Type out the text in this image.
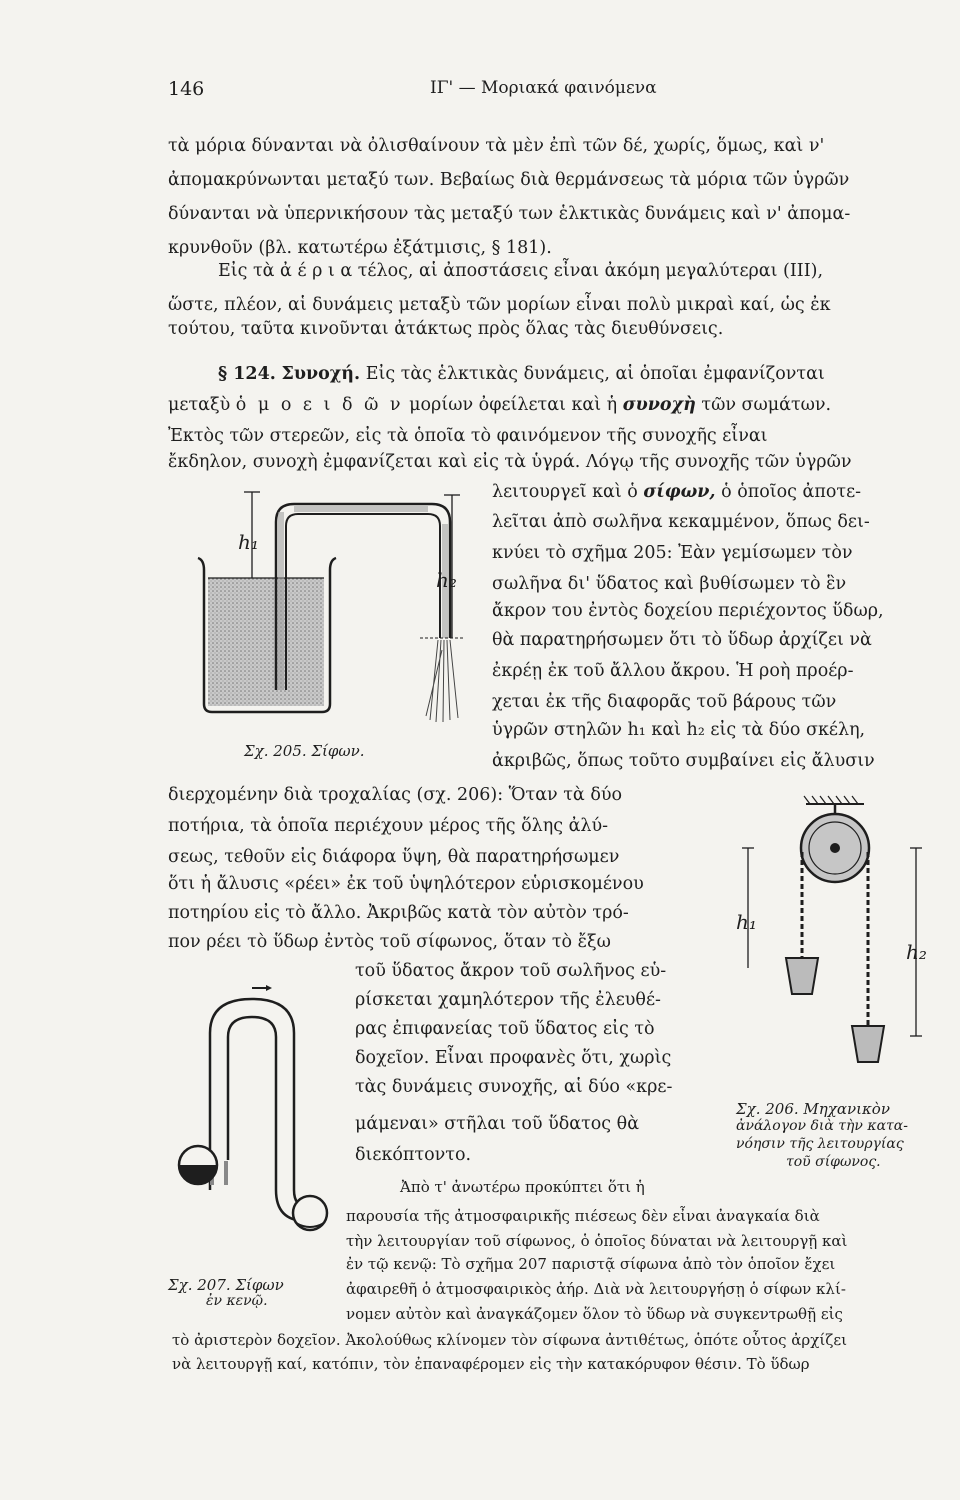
146	ΙΓ' — Μοριακά φαινόμενα
τὰ μόρια δύνανται νὰ ὀλισθαίνουν τὰ μὲν ἐπὶ τῶν δέ, χωρίς, ὅμως, καὶ ν'
ἀπομακρύνωνται μεταξύ των. Βεβαίως διὰ θερμάνσεως τὰ μόρια τῶν ὑγρῶν
δύνανται νὰ ὑπερνικήσουν τὰς μεταξύ των ἑλκτικὰς δυνάμεις καὶ ν' ἀπομα-
κρυνθοῦν (βλ. κατωτέρω ἐξάτμισις, § 181).
Εἰς τὰ ἀ έ ρ ι α τέλος, αἱ ἀποστάσεις εἶναι ἀκόμη μεγαλύτεραι (III),
ὥστε, πλέον, αἱ δυνάμεις μεταξὺ τῶν μορίων εἶναι πολὺ μικραὶ καί, ὡς ἐκ
τούτου, ταῦτα κινοῦνται ἀτάκτως πρὸς ὅλας τὰς διευθύνσεις.
§ 124. Συνοχή. Εἰς τὰς ἑλκτικὰς δυνάμεις, αἱ ὁποῖαι ἐμφανίζονται
μεταξὺ ὁ μ ο ε ι δ ῶ ν μορίων ὀφείλεται καὶ ἡ συνοχὴ τῶν σωμάτων.
Ἐκτὸς τῶν στερεῶν, εἰς τὰ ὁποῖα τὸ φαινόμενον τῆς συνοχῆς εἶναι
ἔκδηλον, συνοχὴ ἐμφανίζεται καὶ εἰς τὰ ὑγρά. Λόγῳ τῆς συνοχῆς τῶν ὑγρῶν
λειτουργεῖ καὶ ὁ σίφων, ὁ ὁποῖος ἀποτε-
λεῖται ἀπὸ σωλῆνα κεκαμμένον, ὅπως δει-
κνύει τὸ σχῆμα 205: Ἐὰν γεμίσωμεν τὸν
σωλῆνα δι' ὕδατος καὶ βυθίσωμεν τὸ ἓν
ἄκρον του ἐντὸς δοχείου περιέχοντος ὕδωρ,
θὰ παρατηρήσωμεν ὅτι τὸ ὕδωρ ἀρχίζει νὰ
ἐκρέῃ ἐκ τοῦ ἄλλου ἄκρου. Ἡ ροὴ προέρ-
χεται ἐκ τῆς διαφορᾶς τοῦ βάρους τῶν
ὑγρῶν στηλῶν h₁ καὶ h₂ εἰς τὰ δύο σκέλη,
ἀκριβῶς, ὅπως τοῦτο συμβαίνει εἰς ἄλυσιν
h₁
h₂
Σχ. 205. Σίφων.
διερχομένην διὰ τροχαλίας (σχ. 206): Ὅταν τὰ δύο
ποτήρια, τὰ ὁποῖα περιέχουν μέρος τῆς ὅλης ἀλύ-
σεως, τεθοῦν εἰς διάφορα ὕψη, θὰ παρατηρήσωμεν
ὅτι ἡ ἄλυσις «ρέει» ἐκ τοῦ ὑψηλότερον εὑρισκομένου
ποτηρίου εἰς τὸ ἄλλο. Ἀκριβῶς κατὰ τὸν αὐτὸν τρό-
πον ρέει τὸ ὕδωρ ἐντὸς τοῦ σίφωνος, ὅταν τὸ ἔξω
h₁
h₂
Σχ. 206. Μηχανικὸν
ἀνάλογον διὰ τὴν κατα-
νόησιν τῆς λειτουργίας
τοῦ σίφωνος.
τοῦ ὕδατος ἄκρον τοῦ σωλῆνος εὑ-
ρίσκεται χαμηλότερον τῆς ἐλευθέ-
ρας ἐπιφανείας τοῦ ὕδατος εἰς τὸ
δοχεῖον. Εἶναι προφανὲς ὅτι, χωρὶς
τὰς δυνάμεις συνοχῆς, αἱ δύο «κρε-
μάμεναι» στῆλαι τοῦ ὕδατος θὰ
διεκόπτοντο.
Σχ. 207. Σίφων
ἐν κενῷ.
Ἀπὸ τ' ἀνωτέρω προκύπτει ὅτι ἡ
παρουσία τῆς ἀτμοσφαιρικῆς πιέσεως δὲν εἶναι ἀναγκαία διὰ
τὴν λειτουργίαν τοῦ σίφωνος, ὁ ὁποῖος δύναται νὰ λειτουργῇ καὶ
ἐν τῷ κενῷ: Τὸ σχῆμα 207 παριστᾷ σίφωνα ἀπὸ τὸν ὁποῖον ἔχει
ἀφαιρεθῆ ὁ ἀτμοσφαιρικὸς ἀήρ. Διὰ νὰ λειτουργήσῃ ὁ σίφων κλί-
νομεν αὐτὸν καὶ ἀναγκάζομεν ὅλον τὸ ὕδωρ νὰ συγκεντρωθῇ εἰς
τὸ ἀριστερὸν δοχεῖον. Ἀκολούθως κλίνομεν τὸν σίφωνα ἀντιθέτως, ὁπότε οὗτος ἀρχίζει
νὰ λειτουργῇ καί, κατόπιν, τὸν ἐπαναφέρομεν εἰς τὴν κατακόρυφον θέσιν. Τὸ ὕδωρ
